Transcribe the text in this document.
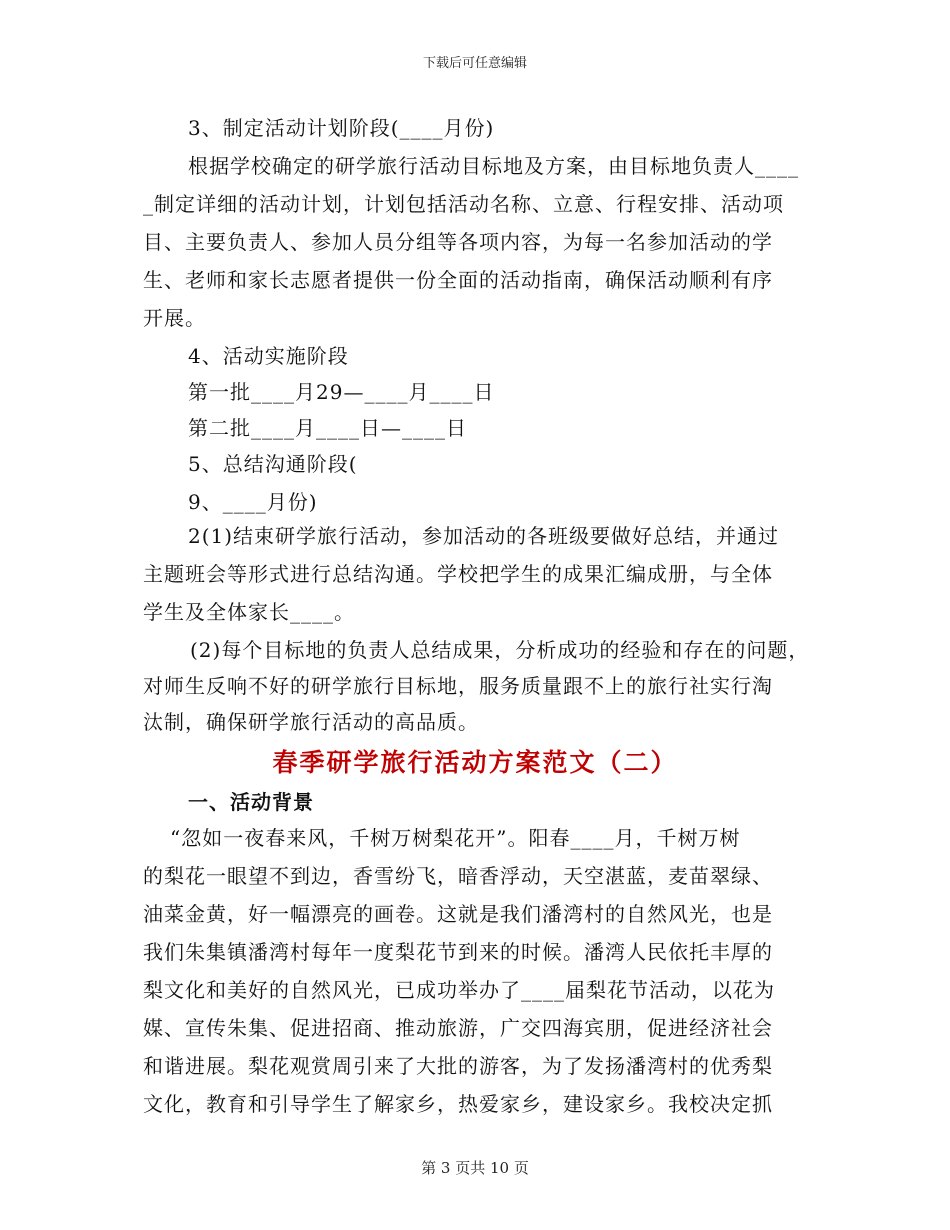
下载后可任意编辑
3、制定活动计划阶段(____月份)
根据学校确定的研学旅行活动目标地及方案，由目标地负责人____
_制定详细的活动计划，计划包括活动名称、立意、行程安排、活动项
目、主要负责人、参加人员分组等各项内容，为每一名参加活动的学
生、老师和家长志愿者提供一份全面的活动指南，确保活动顺利有序
开展。
4、活动实施阶段
第一批____月29—____月____日
第二批____月____日—____日
5、总结沟通阶段(
9、____月份)
2(1)结束研学旅行活动，参加活动的各班级要做好总结，并通过
主题班会等形式进行总结沟通。学校把学生的成果汇编成册，与全体
学生及全体家长____。
(2)每个目标地的负责人总结成果，分析成功的经验和存在的问题，
对师生反响不好的研学旅行目标地，服务质量跟不上的旅行社实行淘
汰制，确保研学旅行活动的高品质。
春季研学旅行活动方案范文（二）
一、活动背景
“忽如一夜春来风，千树万树梨花开”。阳春____月，千树万树
的梨花一眼望不到边，香雪纷飞，暗香浮动，天空湛蓝，麦苗翠绿、
油菜金黄，好一幅漂亮的画卷。这就是我们潘湾村的自然风光，也是
我们朱集镇潘湾村每年一度梨花节到来的时候。潘湾人民依托丰厚的
梨文化和美好的自然风光，已成功举办了____届梨花节活动，以花为
媒、宣传朱集、促进招商、推动旅游，广交四海宾朋，促进经济社会
和谐进展。梨花观赏周引来了大批的游客，为了发扬潘湾村的优秀梨
文化，教育和引导学生了解家乡，热爱家乡，建设家乡。我校决定抓
第 3 页共 10 页
